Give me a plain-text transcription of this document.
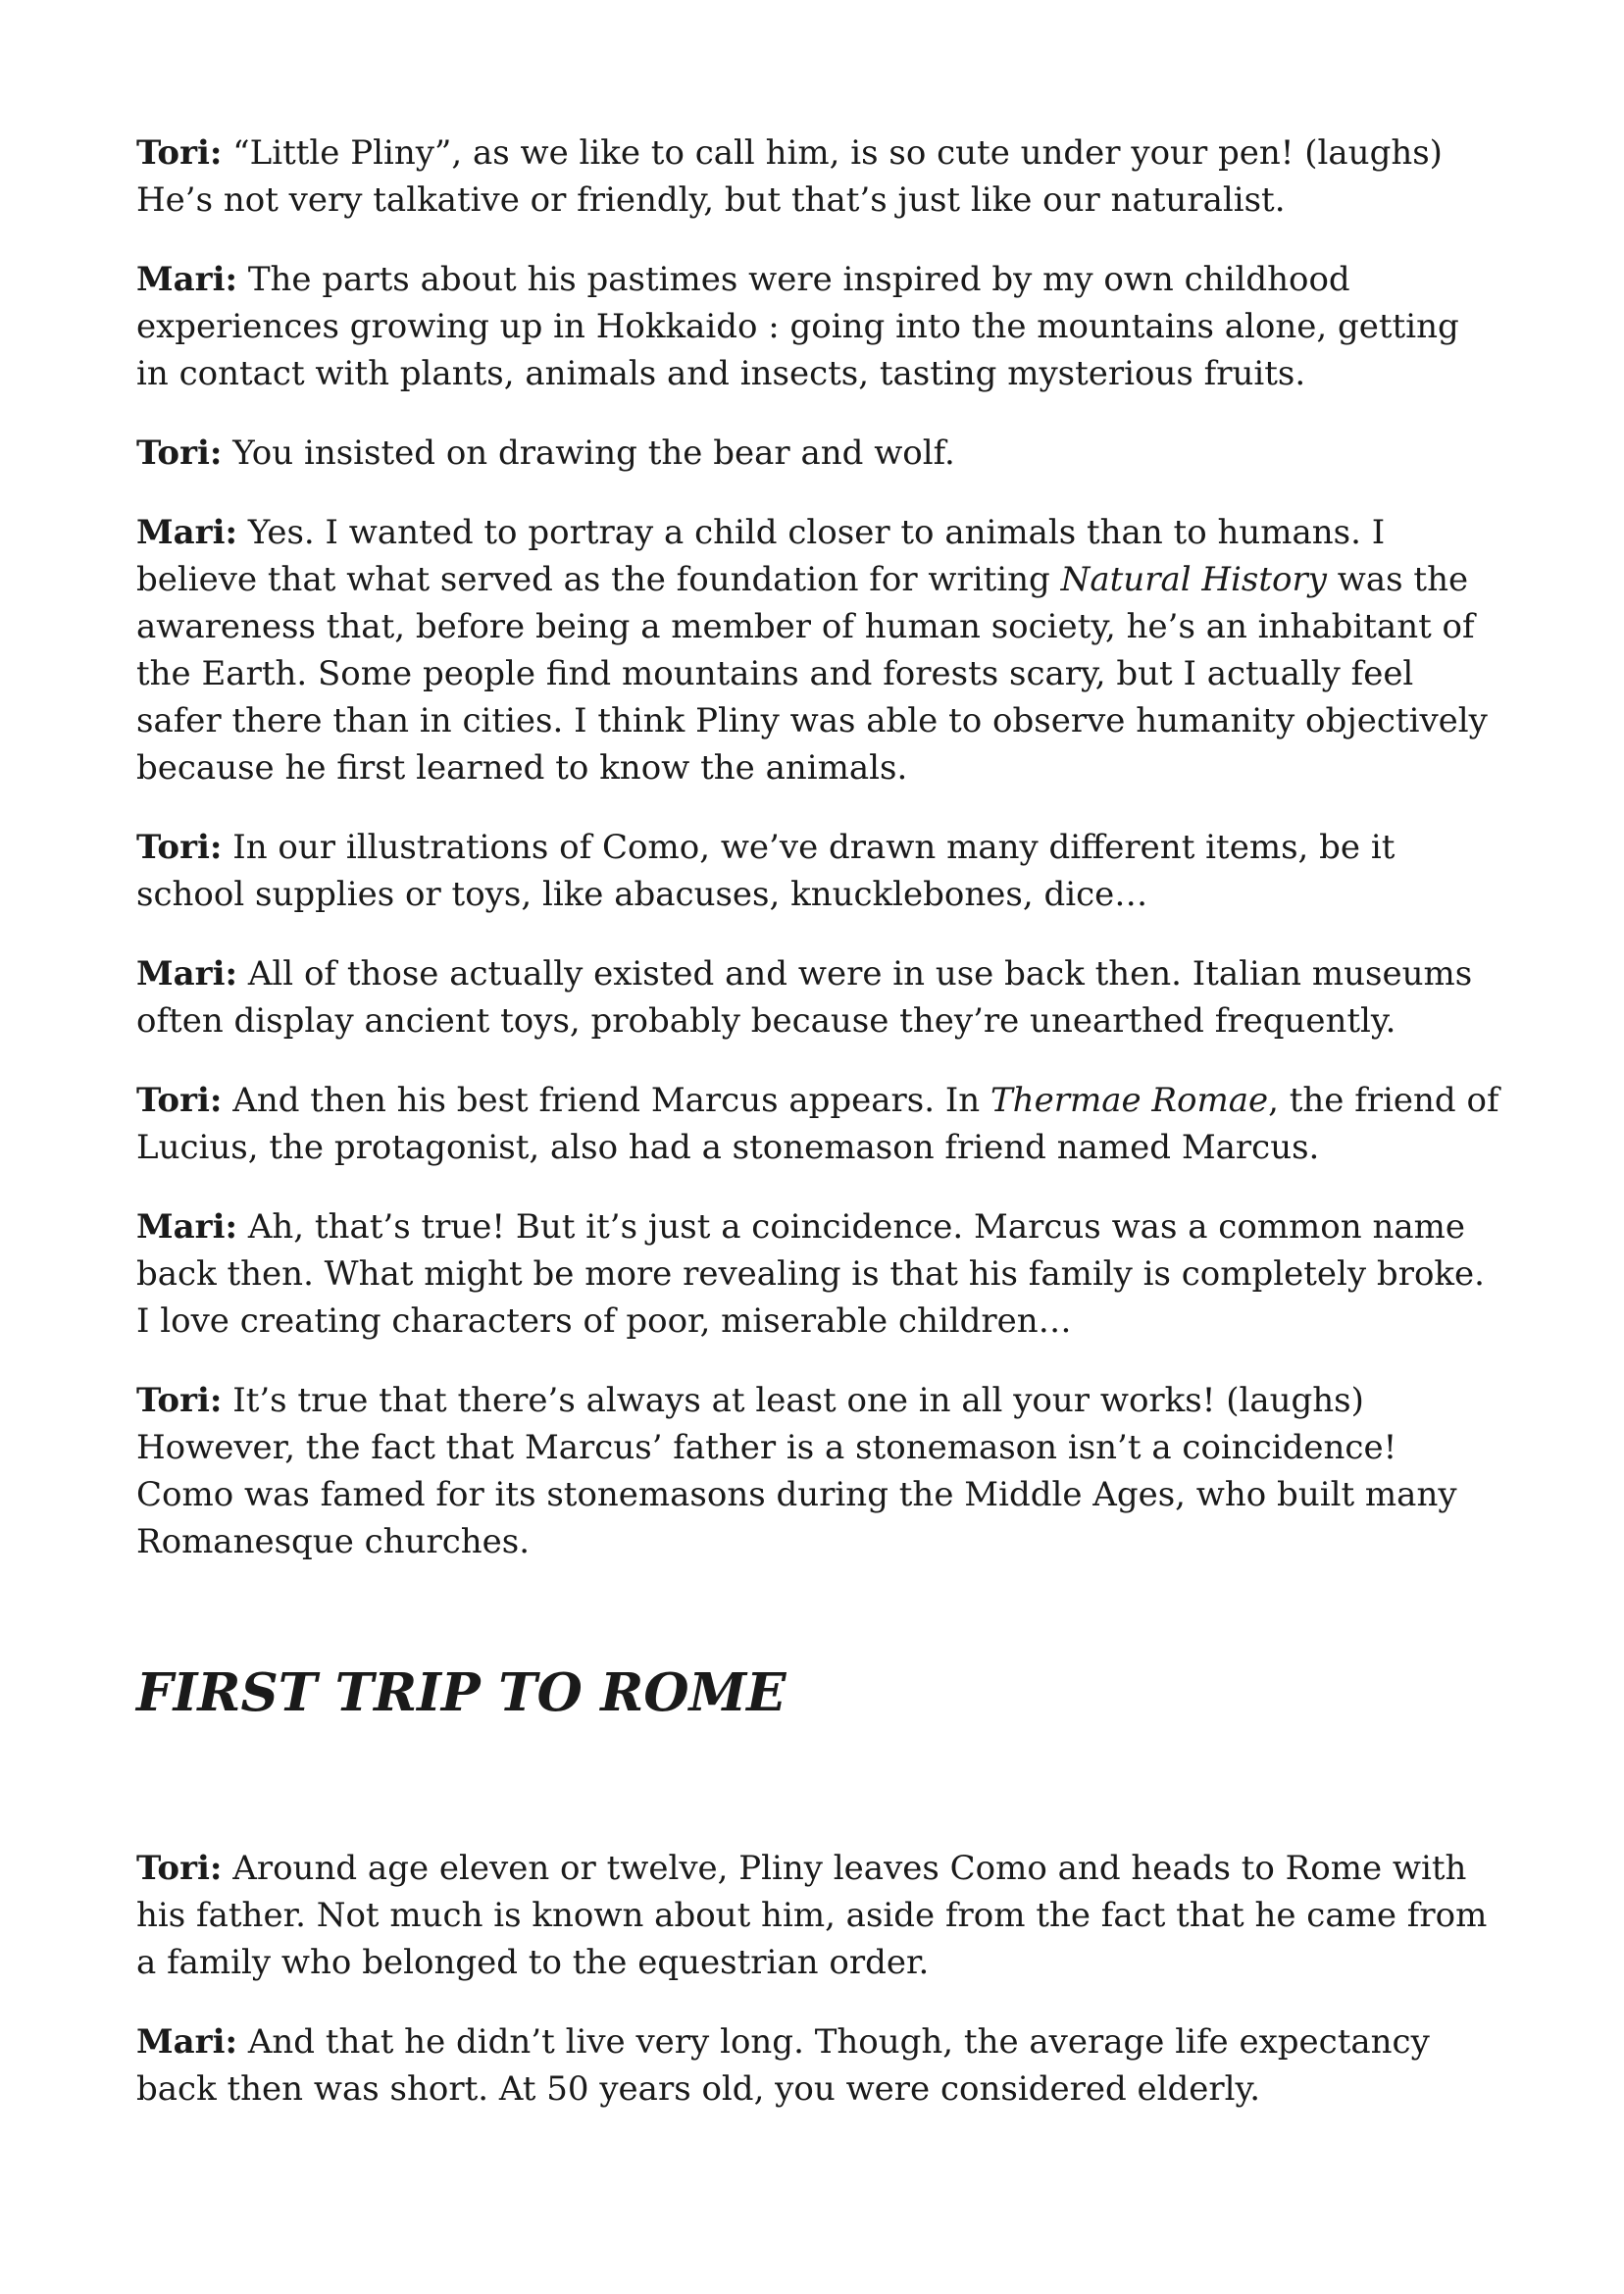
Tori: “Little Pliny”, as we like to call him, is so cute under your pen! (laughs) He’s not very talkative or friendly, but that’s just like our naturalist.

Mari: The parts about his pastimes were inspired by my own childhood experiences growing up in Hokkaido : going into the mountains alone, getting in contact with plants, animals and insects, tasting mysterious fruits.

Tori: You insisted on drawing the bear and wolf.

Mari: Yes. I wanted to portray a child closer to animals than to humans. I believe that what served as the foundation for writing Natural History was the awareness that, before being a member of human society, he’s an inhabitant of the Earth. Some people find mountains and forests scary, but I actually feel safer there than in cities. I think Pliny was able to observe humanity objectively because he first learned to know the animals.

Tori: In our illustrations of Como, we’ve drawn many different items, be it school supplies or toys, like abacuses, knucklebones, dice…

Mari: All of those actually existed and were in use back then. Italian museums often display ancient toys, probably because they’re unearthed frequently.

Tori: And then his best friend Marcus appears. In Thermae Romae, the friend of Lucius, the protagonist, also had a stonemason friend named Marcus.

Mari: Ah, that’s true! But it’s just a coincidence. Marcus was a common name back then. What might be more revealing is that his family is completely broke. I love creating characters of poor, miserable children…

Tori: It’s true that there’s always at least one in all your works! (laughs) However, the fact that Marcus’ father is a stonemason isn’t a coincidence! Como was famed for its stonemasons during the Middle Ages, who built many Romanesque churches.

FIRST TRIP TO ROME

Tori: Around age eleven or twelve, Pliny leaves Como and heads to Rome with his father. Not much is known about him, aside from the fact that he came from a family who belonged to the equestrian order.

Mari: And that he didn’t live very long. Though, the average life expectancy back then was short. At 50 years old, you were considered elderly.
